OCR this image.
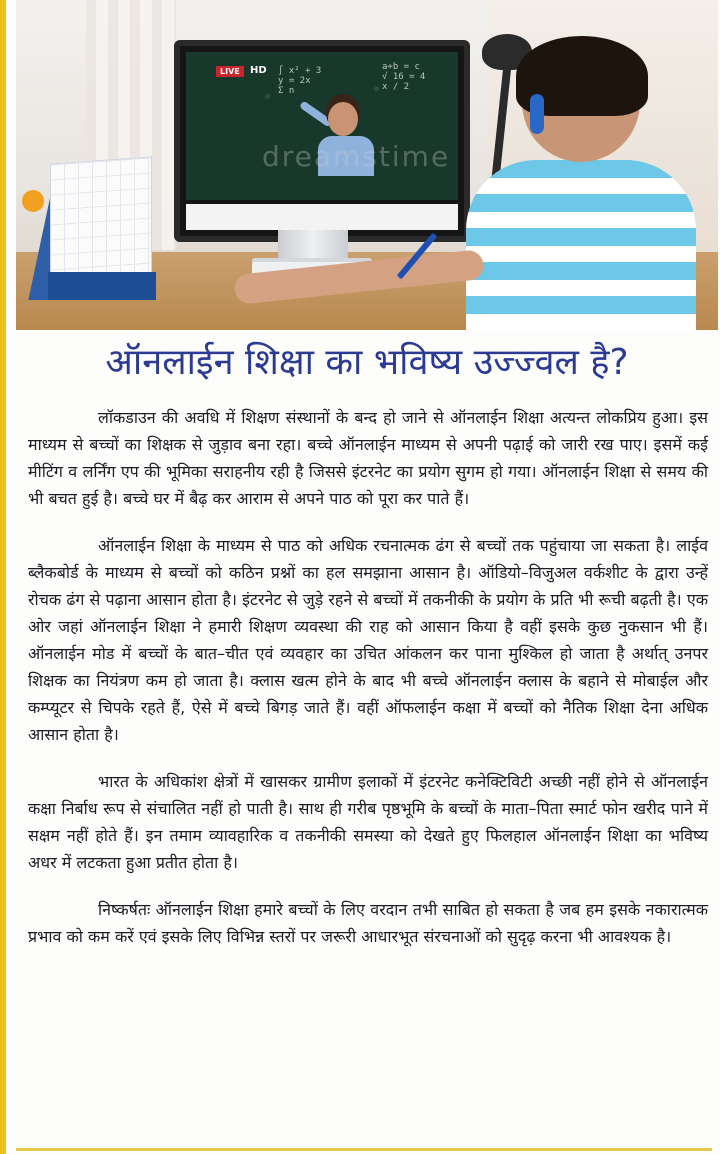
LIVE	HD ∫ x² + 3
y = 2x
Σ n
a+b = c
√ 16 = 4
x / 2
dreamstime
ऑनलाईन शिक्षा का भविष्य उज्ज्वल है?

लॉकडाउन की अवधि में शिक्षण संस्थानों के बन्द हो जाने से ऑनलाईन शिक्षा अत्यन्त लोकप्रिय हुआ। इस माध्यम से बच्चों का शिक्षक से जुड़ाव बना रहा। बच्चे ऑनलाईन माध्यम से अपनी पढ़ाई को जारी रख पाए। इसमें कई मीटिंग व लर्निंग एप की भूमिका सराहनीय रही है जिससे इंटरनेट का प्रयोग सुगम हो गया। ऑनलाईन शिक्षा से समय की भी बचत हुई है। बच्चे घर में बैढ़ कर आराम से अपने पाठ को पूरा कर पाते हैं।

ऑनलाईन शिक्षा के माध्यम से पाठ को अधिक रचनात्मक ढंग से बच्चों तक पहुंचाया जा सकता है। लाईव ब्लैकबोर्ड के माध्यम से बच्चों को कठिन प्रश्नों का हल समझाना आसान है। ऑडियो–विजुअल वर्कशीट के द्वारा उन्हें रोचक ढंग से पढ़ाना आसान होता है। इंटरनेट से जुड़े रहने से बच्चों में तकनीकी के प्रयोग के प्रति भी रूची बढ़ती है। एक ओर जहां ऑनलाईन शिक्षा ने हमारी शिक्षण व्यवस्था की राह को आसान किया है वहीं इसके कुछ नुकसान भी हैं। ऑनलाईन मोड में बच्चों के बात–चीत एवं व्यवहार का उचित आंकलन कर पाना मुश्किल हो जाता है अर्थात् उनपर शिक्षक का नियंत्रण कम हो जाता है। क्लास खत्म होने के बाद भी बच्चे ऑनलाईन क्लास के बहाने से मोबाईल और कम्प्यूटर से चिपके रहते हैं, ऐसे में बच्चे बिगड़ जाते हैं। वहीं ऑफलाईन कक्षा में बच्चों को नैतिक शिक्षा देना अधिक आसान होता है।

भारत के अधिकांश क्षेत्रों में खासकर ग्रामीण इलाकों में इंटरनेट कनेक्टिविटी अच्छी नहीं होने से ऑनलाईन कक्षा निर्बाध रूप से संचालित नहीं हो पाती है। साथ ही गरीब पृष्ठभूमि के बच्चों के माता–पिता स्मार्ट फोन खरीद पाने में सक्षम नहीं होते हैं। इन तमाम व्यावहारिक व तकनीकी समस्या को देखते हुए फिलहाल ऑनलाईन शिक्षा का भविष्य अधर में लटकता हुआ प्रतीत होता है।

निष्कर्षतः ऑनलाईन शिक्षा हमारे बच्चों के लिए वरदान तभी साबित हो सकता है जब हम इसके नकारात्मक प्रभाव को कम करें एवं इसके लिए विभिन्न स्तरों पर जरूरी आधारभूत संरचनाओं को सुदृढ़ करना भी आवश्यक है।
